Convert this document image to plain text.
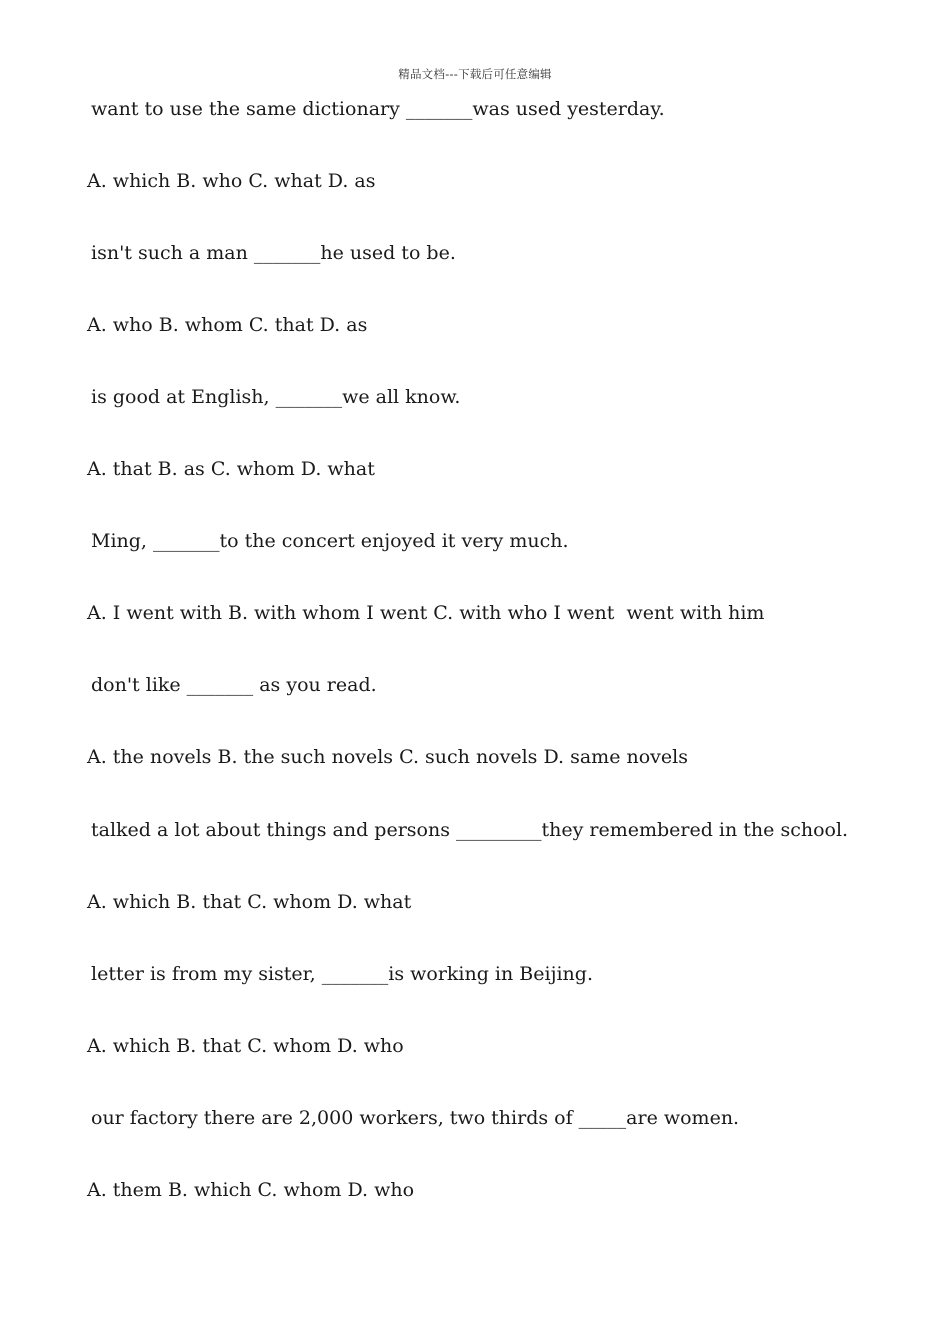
精品文档---下载后可任意编辑
want to use the same dictionary _______was used yesterday.
A. which B. who C. what D. as
isn't such a man _______he used to be.
A. who B. whom C. that D. as
is good at English, _______we all know.
A. that B. as C. whom D. what
Ming, _______to the concert enjoyed it very much.
A. I went with B. with whom I went C. with who I went  went with him
don't like _______ as you read.
A. the novels B. the such novels C. such novels D. same novels
talked a lot about things and persons _________they remembered in the school.
A. which B. that C. whom D. what
letter is from my sister, _______is working in Beijing.
A. which B. that C. whom D. who
our factory there are 2,000 workers, two thirds of _____are women.
A. them B. which C. whom D. who
